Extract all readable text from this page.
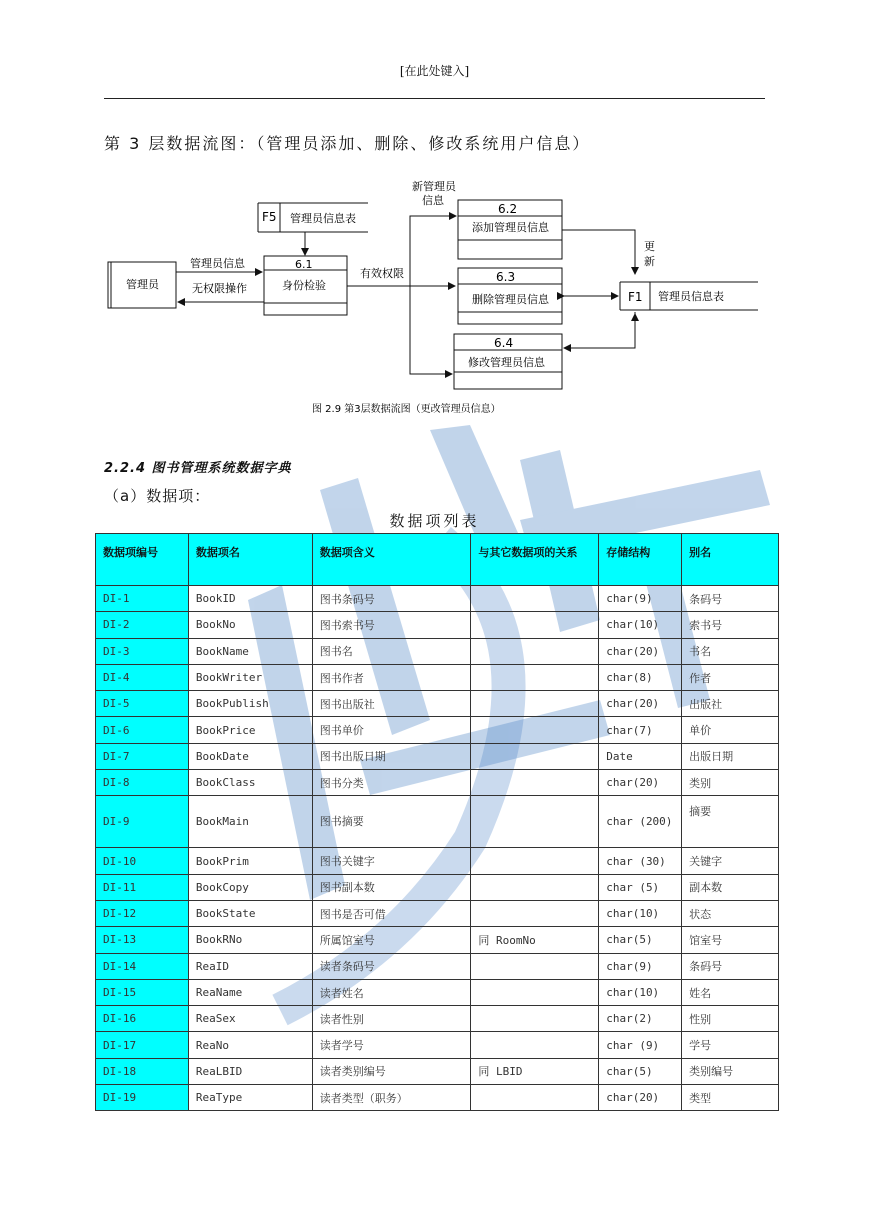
[在此处键入]
第 3 层数据流图：（管理员添加、删除、修改系统用户信息）
管理员
F5 管理员信息表
6.1
身份检验
6.2
添加管理员信息
6.3
删除管理员信息
6.4
修改管理员信息
F1 管理员信息表
管理员信息
无权限操作
有效权限
新管理员
信息
更
新
图 2.9 第3层数据流图（更改管理员信息）
2.2.4 图书管理系统数据字典
（a）数据项：
数据项列表
数据项编号	数据项名	数据项含义	与其它数据项的关系	存储结构	别名
DI-1	BookID	图书条码号		char(9)	条码号
DI-2	BookNo	图书索书号		char(10)	索书号
DI-3	BookName	图书名		char(20)	书名
DI-4	BookWriter	图书作者		char(8)	作者
DI-5	BookPublish	图书出版社		char(20)	出版社
DI-6	BookPrice	图书单价		char(7)	单价
DI-7	BookDate	图书出版日期		Date	出版日期
DI-8	BookClass	图书分类		char(20)	类别
DI-9	BookMain	图书摘要		char (200)	摘要
DI-10	BookPrim	图书关键字		char (30)	关键字
DI-11	BookCopy	图书副本数		char (5)	副本数
DI-12	BookState	图书是否可借		char(10)	状态
DI-13	BookRNo	所属馆室号	同 RoomNo	char(5)	馆室号
DI-14	ReaID	读者条码号		char(9)	条码号
DI-15	ReaName	读者姓名		char(10)	姓名
DI-16	ReaSex	读者性别		char(2)	性别
DI-17	ReaNo	读者学号		char (9)	学号
DI-18	ReaLBID	读者类别编号	同 LBID	char(5)	类别编号
DI-19	ReaType	读者类型（职务）		char(20)	类型
